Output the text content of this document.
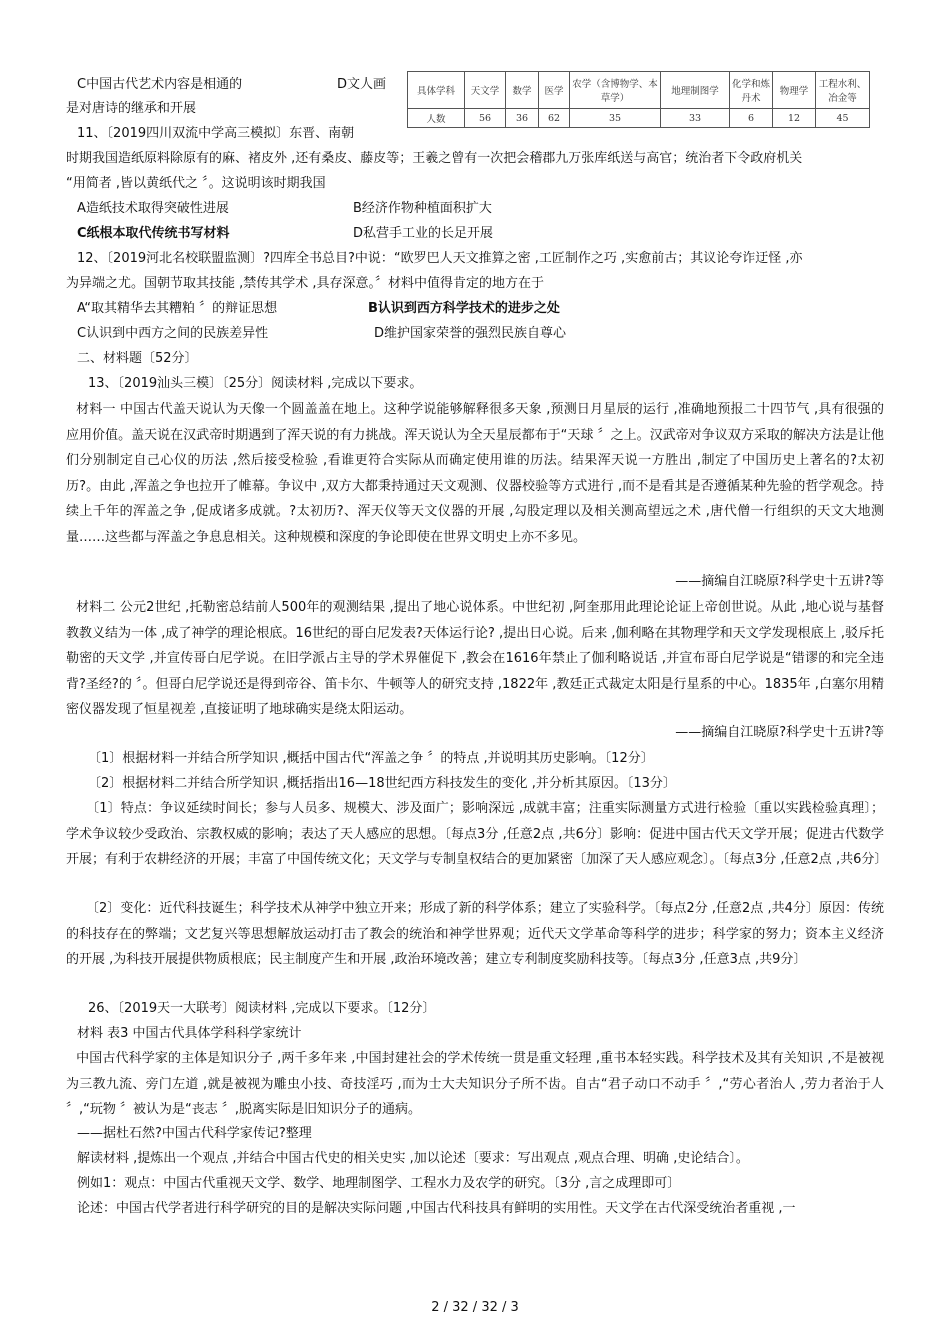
C中国古代艺术内容是相通的	D文人画
是对唐诗的继承和开展
具体学科	天文学	数学	医学	农学（含博物学、本草学）	地理制图学	化学和炼丹术	物理学	工程水利、冶金等
人数	56	36	62	35	33	6	12	45
11、〔2019四川双流中学高三模拟〕东晋、南朝
时期我国造纸原料除原有的麻、褚皮外 ,还有桑皮、藤皮等；王羲之曾有一次把会稽郡九万张库纸送与高官；统治者下令政府机关
“用简者 ,皆以黄纸代之 〞。这说明该时期我国
A造纸技术取得突破性进展	B经济作物种植面积扩大
C纸根本取代传统书写材料	D私营手工业的长足开展
12、〔2019河北名校联盟监测〕?四库全书总目?中说：“欧罗巴人天文推算之密 ,工匠制作之巧 ,实愈前古；其议论夸诈迂怪 ,亦
为异端之尤。国朝节取其技能 ,禁传其学术 ,具存深意。〞材料中值得肯定的地方在于
A“取其精华去其糟粕 〞的辩证思想	B认识到西方科学技术的进步之处
C认识到中西方之间的民族差异性	D维护国家荣誉的强烈民族自尊心
二、材料题〔52分〕
13、〔2019汕头三模〕〔25分〕阅读材料 ,完成以下要求。
材料一 中国古代盖天说认为天像一个圆盖盖在地上。这种学说能够解释很多天象 ,预测日月星辰的运行 ,准确地预报二十四节气 ,具有很强的应用价值。盖天说在汉武帝时期遇到了浑天说的有力挑战。浑天说认为全天星辰都布于“天球 〞之上。汉武帝对争议双方采取的解决方法是让他们分别制定自己心仪的历法 ,然后接受检验 ,看谁更符合实际从而确定使用谁的历法。结果浑天说一方胜出 ,制定了中国历史上著名的?太初历?。由此 ,浑盖之争也拉开了帷幕。争议中 ,双方大都秉持通过天文观测、仪器校验等方式进行 ,而不是看其是否遵循某种先验的哲学观念。持续上千年的浑盖之争 ,促成诸多成就。?太初历?、浑天仪等天文仪器的开展 ,勾股定理以及相关测高望远之术 ,唐代僧一行组织的天文大地测量……这些都与浑盖之争息息相关。这种规模和深度的争论即使在世界文明史上亦不多见。
——摘编自江晓原?科学史十五讲?等
材料二 公元2世纪 ,托勒密总结前人500年的观测结果 ,提出了地心说体系。中世纪初 ,阿奎那用此理论论证上帝创世说。从此 ,地心说与基督教教义结为一体 ,成了神学的理论根底。16世纪的哥白尼发表?天体运行论? ,提出日心说。后来 ,伽利略在其物理学和天文学发现根底上 ,驳斥托勒密的天文学 ,并宣传哥白尼学说。在旧学派占主导的学术界催促下 ,教会在1616年禁止了伽利略说话 ,并宣布哥白尼学说是“错谬的和完全违背?圣经?的 〞。但哥白尼学说还是得到帝谷、笛卡尔、牛顿等人的研究支持 ,1822年 ,教廷正式裁定太阳是行星系的中心。1835年 ,白塞尔用精密仪器发现了恒星视差 ,直接证明了地球确实是绕太阳运动。
——摘编自江晓原?科学史十五讲?等
〔1〕根据材料一并结合所学知识 ,概括中国古代“浑盖之争 〞的特点 ,并说明其历史影响。〔12分〕
〔2〕根据材料二并结合所学知识 ,概括指出16—18世纪西方科技发生的变化 ,并分析其原因。〔13分〕
〔1〕特点：争议延续时间长；参与人员多、规模大、涉及面广；影响深远 ,成就丰富；注重实际测量方式进行检验〔重以实践检验真理〕；学术争议较少受政治、宗教权威的影响；表达了天人感应的思想。〔每点3分 ,任意2点 ,共6分〕影响：促进中国古代天文学开展；促进古代数学开展；有利于农耕经济的开展；丰富了中国传统文化；天文学与专制皇权结合的更加紧密〔加深了天人感应观念〕。〔每点3分 ,任意2点 ,共6分〕
〔2〕变化：近代科技诞生；科学技术从神学中独立开来；形成了新的科学体系；建立了实验科学。〔每点2分 ,任意2点 ,共4分〕原因：传统的科技存在的弊端；文艺复兴等思想解放运动打击了教会的统治和神学世界观；近代天文学革命等科学的进步；科学家的努力；资本主义经济的开展 ,为科技开展提供物质根底；民主制度产生和开展 ,政治环境改善；建立专利制度奖励科技等。〔每点3分 ,任意3点 ,共9分〕
26、〔2019天一大联考〕阅读材料 ,完成以下要求。〔12分〕
材料 表3 中国古代具体学科科学家统计
中国古代科学家的主体是知识分子 ,两千多年来 ,中国封建社会的学术传统一贯是重文轻理 ,重书本轻实践。科学技术及其有关知识 ,不是被视为三教九流、旁门左道 ,就是被视为雕虫小技、奇技淫巧 ,而为士大夫知识分子所不齿。自古“君子动口不动手 〞,“劳心者治人 ,劳力者治于人 〞,“玩物 〞被认为是“丧志 〞,脱离实际是旧知识分子的通病。
——据杜石然?中国古代科学家传记?整理
解读材料 ,提炼出一个观点 ,并结合中国古代史的相关史实 ,加以论述〔要求：写出观点 ,观点合理、明确 ,史论结合〕。
例如1：观点：中国古代重视天文学、数学、地理制图学、工程水力及农学的研究。〔3分 ,言之成理即可〕
论述：中国古代学者进行科学研究的目的是解决实际问题 ,中国古代科技具有鲜明的实用性。天文学在古代深受统治者重视 ,一
2 / 32 / 32 / 3
